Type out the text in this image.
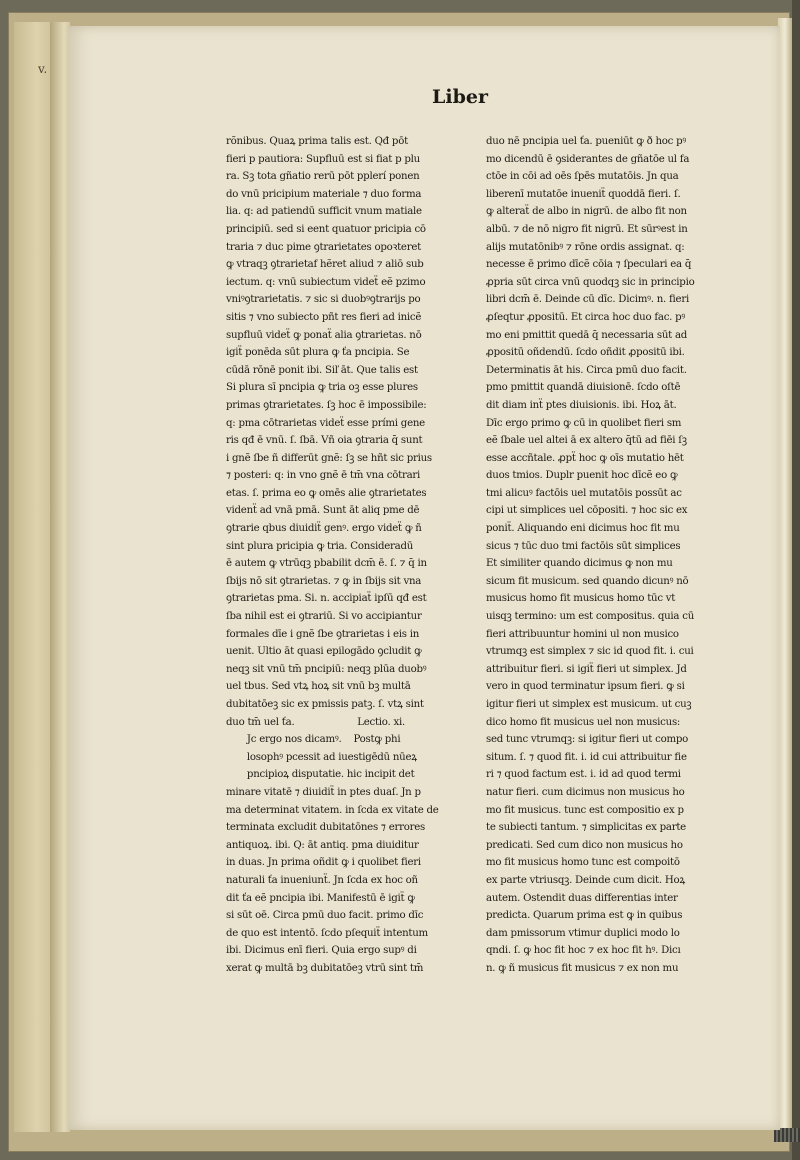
v.
Liber
rõnibus. Quaꝝ prima talis est. Qđ pōt
fieri p pautiora: Supfluū est si fiat p plu
ra. Sꝫ tota gñatio rerū pōt pplerí ponen
do vnū pricipium materiale ⁊ duo forma
lia. q: ad patiendū sufficit vnum matiale
principiū. sed si eent quatuor pricipia cō
traria ⁊ duc pime ꝯtrarietates opoꝛteret
ꝙ vtraqꝫ ꝯtrarietaf hẽret aliud ⁊ aliō sub
iectum. q: vnū subiectum videẗ eẽ pzimo
vniꝰꝯtrarietatis. ⁊ sic si duobꝰꝯtrarijs po
sitis ⁊ vno subiecto pñt res fieri ad inicẽ
supfluū videẗ ꝙ ponaẗ alia ꝯtrarietas. nō
igiẗ ponēda sūt plura ꝙ ťa pncipia. Se
cūdā rōnē ponit ibi. Siľ āt. Que talis est
Si plura sī pncipia ꝙ tria oꝫ esse plures
primas ꝯtrarietates. ſꝫ hoc ē impossibile:
q: pma cōtrarietas videẗ esse prími gene
ris qđ ē vnū. ſ. ſbā. Vñ oia ꝯtraria q̄ sunt
i gnẽ ſbe ñ differūt gnẽ: ſꝫ se hñt sic prius
⁊ posteri: q: in vno gnẽ ē tm̄ vna cōtrari
etas. ſ. prima eo ꝙ omēs alie ꝯtrarietates
videnẗ ad vnā pmā. Sunt āt aliq pme dē
ꝯtrarie qbus diuidiẗ genꝰ. ergo videẗ ꝙ ñ
sint plura pricipia ꝙ tria. Consideradū
ē autem ꝙ vtrūqꝫ pbabilit dcm̄ ē. ſ. ⁊ q̄ in
ſbijs nō sit ꝯtrarietas. ⁊ ꝙ in ſbijs sit vna
ꝯtrarietas pma. Si. n. accipiaẗ ipſū qđ est
ſba nihil est ei ꝯtrariū. Si vo accipiantur
formales dīe i gnẽ ſbe ꝯtrarietas i eis in
uenit. Ultio āt quasi epilogādo ꝯcludit ꝙ
neqꝫ sit vnū tm̄ pncipiū: neqꝫ plūa duobꝰ
uel tbus. Sed vtꝝ hoꝝ sit vnū bꝫ multā
dubitatōeꝫ sic ex pmissis patꝫ. ſ. vtꝝ sint
duo tm̄ uel ťa.                     Lectio. xi.
Jc ergo nos dicamꝰ.    Postꝙ phi
losophꝰ pcessit ad iuestigēdū nūeꝝ
pncipioꝝ disputatie. hic incipit det
minare vitatē ⁊ diuidiẗ in ptes duaſ. Jn p
ma determinat vitatem. in ſcda ex vitate de
terminata excludit dubitatōnes ⁊ errores
antiquoꝝ. ibi. Q: āt antiq. pma diuiditur
in duas. Jn prima oñdit ꝙ i quolibet fieri
naturali ťa inueniunẗ. Jn ſcda ex hoc oñ
dit ťa eẽ pncipia ibi. Manifestū ē igiẗ ꝙ
si sūt oē. Circa pmū duo facit. primo dīc
de quo est intentō. ſcdo pſequiẗ intentum
ibi. Dicimus enī fieri. Quia ergo supꝰ di
xerat ꝙ multā bꝫ dubitatōeꝫ vtrū sint tm̄
duo nē pncipia uel ťa. pueniūt ꝙ ð hoc pꝰ
mo dicendū ē ꝯsiderantes de gñatōe ul fa
ctōe in cōi ad oēs ſpēs mutatōis. Jn qua
liberenī mutatōe inueniẗ quoddā fieri. ſ.
ꝙ alteraẗ de albo in nigrū. de albo fit non
albū. ⁊ de nō nigro fit nigrū. Et sūrꝰest in
alijs mutatōnibꝰ ⁊ rōne ordis assignat. q:
necesse ē primo dīcẽ cōia ⁊ ſpeculari ea q̄
ꝓpria sūt circa vnū quodqꝫ sic in principio
libri dcm̄ ē. Deinde cū dīc. Dicimꝰ. n. fieri
ꝓſeqtur ꝓpositū. Et circa hoc duo fac. pꝰ
mo eni pmittit quedā q̄ necessaria sūt ad
ꝓpositū oñdendū. ſcdo oñdit ꝓpositū ibi.
Determinatis āt his. Circa pmū duo facit.
pmo pmittit quandā diuisionē. ſcdo oſtē
dit diam inẗ ptes diuisionis. ibi. Hoꝝ āt.
Dīc ergo primo ꝙ cū in quolibet fieri sm
eẽ ſbale uel altei ā ex altero q̄tū ad fiēi ſꝫ
esse accñtale. ꝓpẗ hoc ꝙ oīs mutatio hēt
duos tmios. Duplr puenit hoc dīcẽ eo ꝙ
tmi alicuꝰ factōis uel mutatōis possūt ac
cipi ut simplices uel cōpositi. ⁊ hoc sic ex
poniẗ. Aliquando eni dicimus hoc fit mu
sicus ⁊ tūc duo tmi factōis sūt simplices
Et similiter quando dicimus ꝙ non mu
sicum fit musicum. sed quando dicunꝰ nō
musicus homo fit musicus homo tūc vt
uisqꝫ termino: um est compositus. quia cū
fieri attribuuntur homini ul non musico
vtrumqꝫ est simplex ⁊ sic id quod fit. i. cui
attribuitur fieri. si igiẗ fieri ut simplex. Jd
vero in quod terminatur ipsum fieri. ꝙ si
igitur fieri ut simplex est musicum. ut cuꝫ
dico homo fit musicus uel non musicus:
sed tunc vtrumqꝫ: si igitur fieri ut compo
situm. ſ. ⁊ quod fit. i. id cui attribuitur fie
ri ⁊ quod factum est. i. id ad quod termi
natur fieri. cum dicimus non musicus ho
mo fit musicus. tunc est compositio ex p
te subiecti tantum. ⁊ simplicitas ex parte
predicati. Sed cum dico non musicus ho
mo fit musicus homo tunc est compoitō
ex parte vtriusqꝫ. Deinde cum dicit. Hoꝝ
autem. Ostendit duas differentias inter
predicta. Quarum prima est ꝙ in quibus
dam pmissorum vtimur duplici modo lo
qndi. ſ. ꝙ hoc fit hoc ⁊ ex hoc fit hꝰ. Dicı
n. ꝙ ñ musicus fit musicus ⁊ ex non mu
